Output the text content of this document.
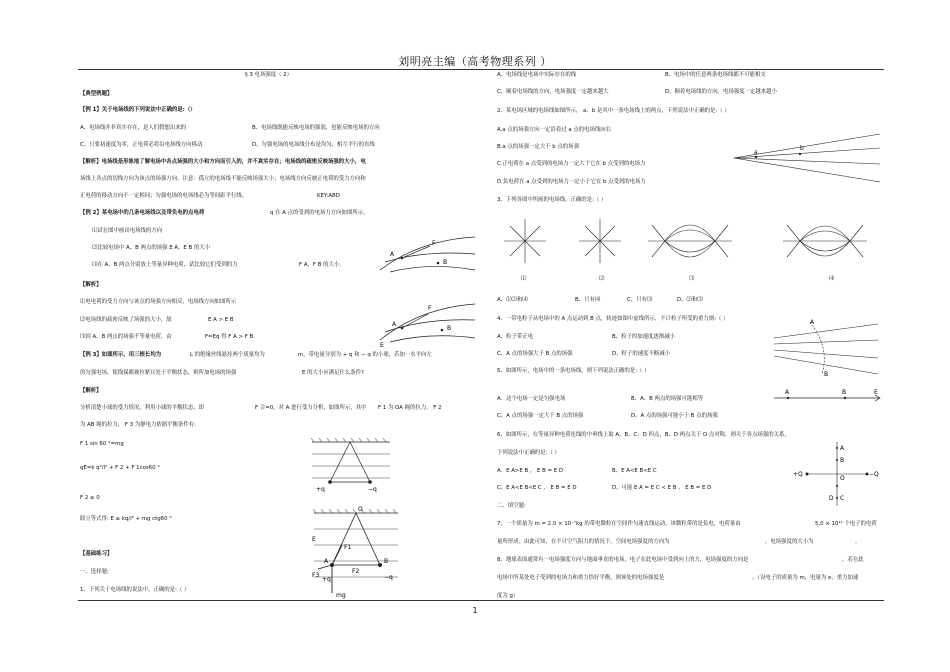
刘明亮主编（高考物理系列 ）
1
§ 3 电场强度（ 2）
【典型例题】
【例 1】关于电场线的下列说法中正确的是:（）
A、电场线并非真实存在，是人们假想出来的	B、电场线既能反映电场的强弱，也能反映电场的方向
C、只要初速度为零，正电荷必将沿电场线方向移动	D、匀强电场的电场线分布是均匀、相互平行的直线
【解析】电场线是形象地了解电场中各点场强的大小和方向而引入的，并不真实存在；电场线的疏密反映场强的大小，电
场线上各点的切线方向为该点的场强方向。注意：孤立的电场线不能反映场强大小；电场线方向反映正电荷的受力方向和
正电荷的移动方向不一定相同；匀强电场的电场线必为等间距平行线。	KEY:ABD
【例 2】某电场中的几条电场线以及带负电的点电荷	q 在 A 点的受到的电场力方向如图所示。
⑴试在图中画出电场线的方向
⑵比较电场中 A、B 两点的场强 E A、E B 的大小
⑶在 A、B 两点分别放上等量异种电荷，试比较它们受到的力	F A、F B 的大小。
【解析】
⑴电电荷的受力方向与该点的场强方向相反，电场线方向如图所示
⑵电场线的疏密反映了场强的大小，故	E A > E B
⑶因 A、B 两点的场强不等量电荷，由	F=Eq 得 F A > F B
【例 3】如图所示，用三根长均为	L 的绝缘丝线悬挂两个质量均为	m，带电量分别为 + q 和 − q 的小球，若加一水平向左
的匀强电场，使线保都被拉紧且处于平衡状态，则所加电场的场强	E 的大小应满足什么条件?
【解析】
分析清楚小球的受力情况，利用小球的平衡状态，即	F 合=0，对 A 进行受力分析，如图所示，其中 F 1 为 OA 绳的拉力， F 2
为 AB 绳的拉力， F 3 为静电力依据平衡条件有:
F 1 sin 60 °=mg
qE=k q²/l² + F 2 + F 1cos60 °
F 2 ≥ 0
联立等式得: E ≥ kq/l² + mg ctg60 °
【基础练习】
一、选择题:
1、下列关于电场线的说法中，正确的是:（ ）
A、电场线是电场中实际存在的线	B、电场中的任意两条电场线都不可能相交
C、顺着电场线的方向，电场强度一定越来越大	D、顺着电场线的方向，电场强度一定越来越小
2、某电场区域的电场线如图所示， a、b 是其中一条电场线上的两点，下列说法中正确的是:（ ）
A.a 点的场强方向一定沿着过 a 点的电场线向右
B.a 点的场强一定大于 b 点的场强
C.正电荷在 a 点受到的电场力一定大于它在 b 点受到的电场力
D.负电荷在 a 点受到的电场力一定小于它在 b 点受到的电场力
3、下列各图中所画的电场线，正确的是:（ ）
⑴	⑵	⑶	⑷
A、⑴⑵和⑷	B、只有⑷	C、只有⑶	D、⑵和⑶
4、一带电粒子从电场中的 A 点运动到 B 点，轨迹如图中虚线所示，不计粒子所受的重力则:（ ）
A、粒子带正电	B、粒子的加速度逐渐减小
C、A 点的场强大于 B 点的场强	D、粒子的速度不断减小
5、如图所示，电场中的一条电场线，则下列说法正确的是:（ ）
A、这个电场一定是匀强电场	B、A、B 两点的场强可能相等
C、A 点的场强一定大于 B 点的场强	D、A 点的场强可能小于 B 点的场强
6、如图所示，在等量异种电荷连线的中垂线上取 A、B、C、D 四点，B、D 两点关于 O 点对称，则关于各点场强的关系，
下列说法中正确的是:（ ）
A、E A>E B ， E B = E D	B、E A<E B<E C
C、E A<E B<E C ， E B = E D	D、可能 E A = E C < E B ， E B = E D
二、填空题:
7、一个质量为 m = 2.0 × 10⁻⁷kg 的带电微粒在空间作匀速直线运动。该微粒带的是负电，电荷量由	5.0 × 10¹² 个电子的电荷
量所形成；由此可知，在不计空气阻力的情况下，空间电场强度的方向为	，电场强度的大小为	。
8、地球表面通常有一电场强度方向与地面垂直的电场，电子在此电场中受到向上的力，电场强度的方向是	，若在此
电场中所某处电子受到的电场力和重力恰好平衡，则该处的电场强度是	。（设电子的质量为 m，电量为 e，重力加速
度为 g）
A
F
B
A
F
B
E
+q	−q
O
E
F1
A	B
F3
F2
+q	−q
mg
a
b
A
B
A	B	E
A
B
O
C
D
+Q	−Q
